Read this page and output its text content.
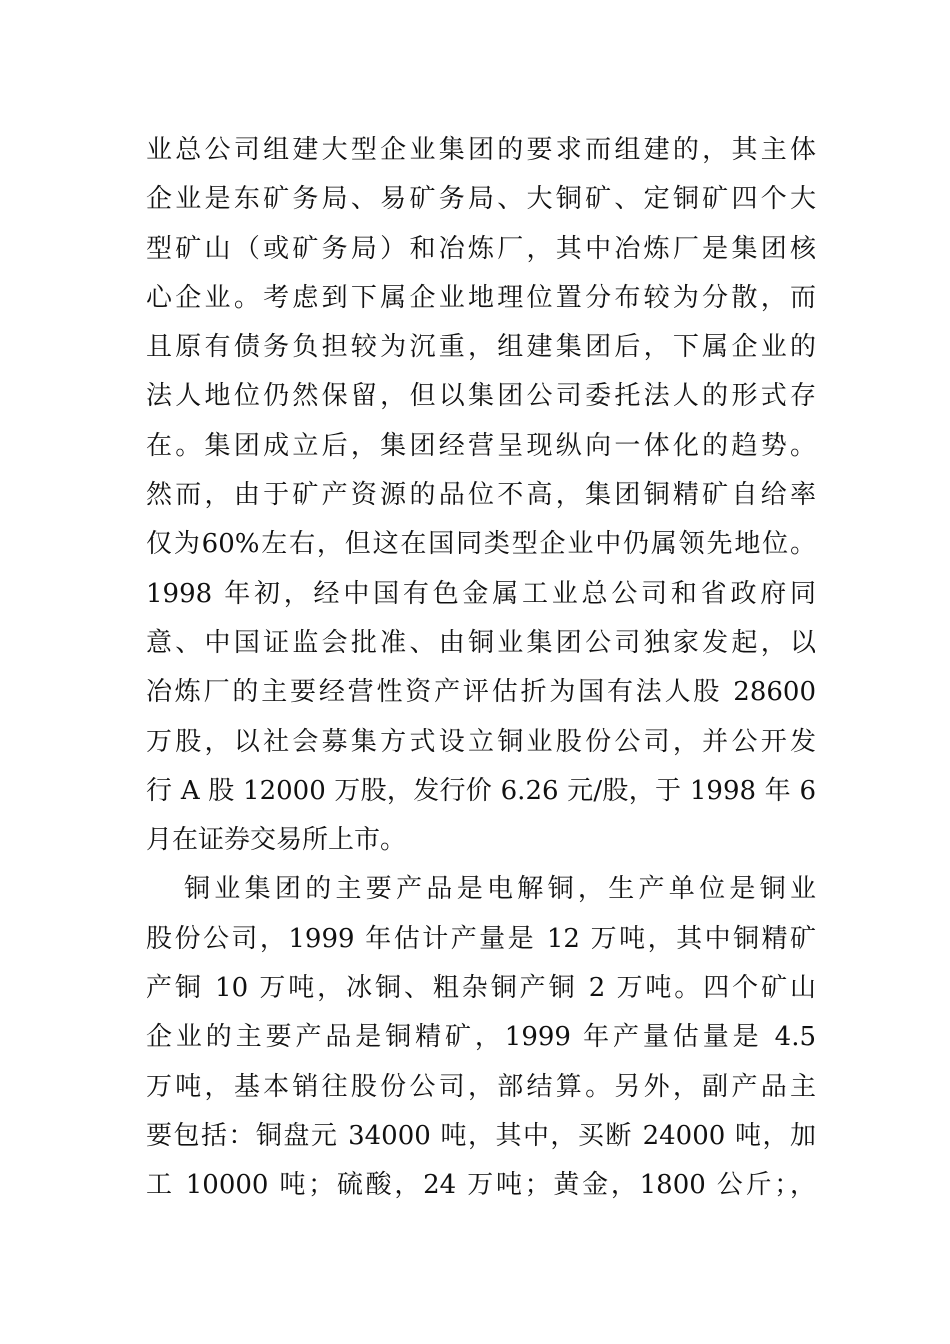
业总公司组建大型企业集团的要求而组建的，其主体
企业是东矿务局、易矿务局、大铜矿、定铜矿四个大
型矿山（或矿务局）和冶炼厂，其中冶炼厂是集团核
心企业。考虑到下属企业地理位置分布较为分散，而
且原有债务负担较为沉重，组建集团后，下属企业的
法人地位仍然保留，但以集团公司委托法人的形式存
在。集团成立后，集团经营呈现纵向一体化的趋势。
然而，由于矿产资源的品位不高，集团铜精矿自给率
仅为60%左右，但这在国同类型企业中仍属领先地位。
1998 年初，经中国有色金属工业总公司和省政府同
意、中国证监会批准、由铜业集团公司独家发起，以
冶炼厂的主要经营性资产评估折为国有法人股 28600
万股，以社会募集方式设立铜业股份公司，并公开发
行 A 股 12000 万股，发行价 6.26 元/股，于 1998 年 6
月在证券交易所上市。
铜业集团的主要产品是电解铜，生产单位是铜业
股份公司，1999 年估计产量是 12 万吨，其中铜精矿
产铜 10 万吨，冰铜、粗杂铜产铜 2 万吨。四个矿山
企业的主要产品是铜精矿，1999 年产量估量是 4.5
万吨，基本销往股份公司，部结算。另外，副产品主
要包括：铜盘元 34000 吨，其中，买断 24000 吨，加
工 10000 吨；硫酸，24 万吨；黄金，1800 公斤；，
